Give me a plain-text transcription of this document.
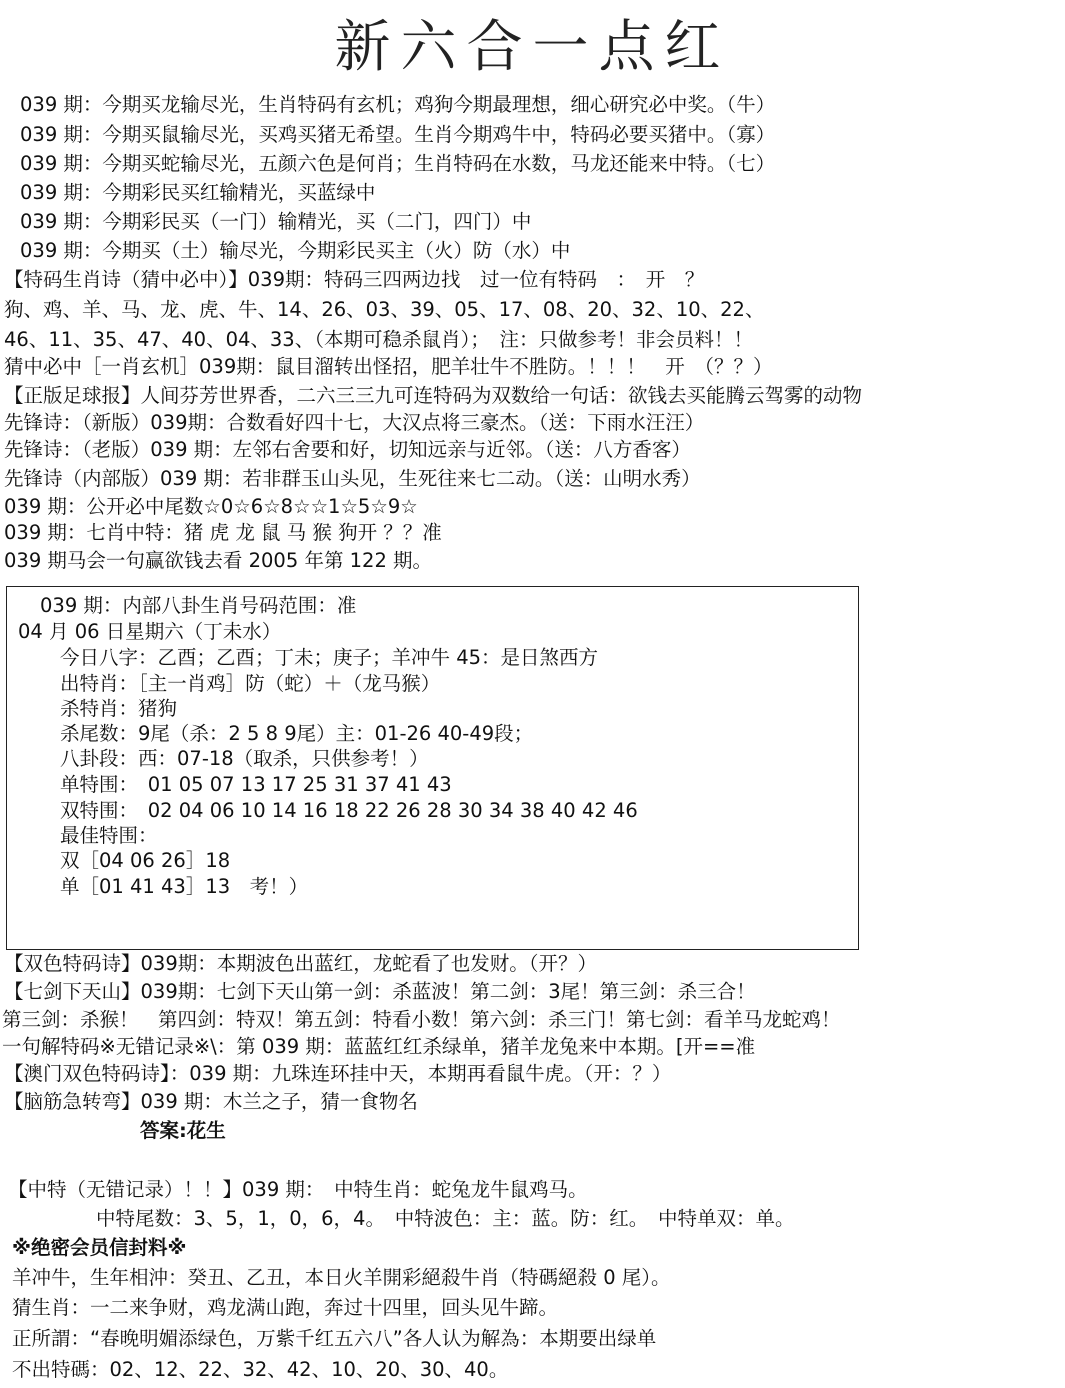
新六合一点红
039 期：今期买龙输尽光，生肖特码有玄机；鸡狗今期最理想，细心研究必中奖。（牛）
039 期：今期买鼠输尽光，买鸡买猪无希望。生肖今期鸡牛中，特码必要买猪中。（寡）
039 期：今期买蛇输尽光，五颜六色是何肖；生肖特码在水数，马龙还能来中特。（七）
039 期：今期彩民买红输精光，买蓝绿中
039 期：今期彩民买（一门）输精光，买（二门，四门）中
039 期：今期买（土）输尽光，今期彩民买主（火）防（水）中
【特码生肖诗（猜中必中）】039期：特码三四两边找　过一位有特码　：　开　？
狗、鸡、羊、马、龙、虎、牛、14、26、03、39、05、17、08、20、32、10、22、
46、11、35、47、40、04、33、（本期可稳杀鼠肖）；　注：只做参考！非会员料！！
猜中必中［一肖玄机］039期：鼠目溜转出怪招，肥羊壮牛不胜防。！！！　开　（？？）
【正版足球报】人间芬芳世界香，二六三三九可连特码为双数给一句话：欲钱去买能腾云驾雾的动物
先锋诗：（新版）039期：合数看好四十七，大汉点将三豪杰。（送：下雨水汪汪）
先锋诗：（老版）039 期：左邻右舍要和好，切知远亲与近邻。（送：八方香客）
先锋诗（内部版）039 期：若非群玉山头见，生死往来七二动。（送：山明水秀）
039 期：公开必中尾数☆0☆6☆8☆☆1☆5☆9☆
039 期：七肖中特：猪 虎 龙 鼠 马 猴 狗开 ？？准
039 期马会一句赢欲钱去看 2005 年第 122 期。
039 期：内部八卦生肖号码范围：准
04 月 06 日星期六（丁未水）
今日八字：乙酉；乙酉；丁未；庚子；羊冲牛 45：是日煞西方
出特肖：［主一肖鸡］防（蛇）＋（龙马猴）
杀特肖：猪狗
杀尾数：9尾（杀：2 5 8 9尾）主：01-26 40-49段；
八卦段：西：07-18（取杀，只供参考！）
单特围：　01 05 07 13 17 25 31 37 41 43
双特围：　02 04 06 10 14 16 18 22 26 28 30 34 38 40 42 46
最佳特围：
双［04 06 26］18
单［01 41 43］13　考！）
【双色特码诗】039期：本期波色出蓝红，龙蛇看了也发财。（开？）
【七剑下天山】039期：七剑下天山第一剑：杀蓝波！第二剑：3尾！第三剑：杀三合！
第三剑：杀猴！　第四剑：特双！第五剑：特看小数！第六剑：杀三门！第七剑：看羊马龙蛇鸡！
一句解特码※无错记录※\：第 039 期：蓝蓝红红杀绿单，猪羊龙兔来中本期。[开==准
【澳门双色特码诗】：039 期：九珠连环挂中天，本期再看鼠牛虎。（开：？）
【脑筋急转弯】039 期：木兰之子，猜一食物名
答案:花生
【中特（无错记录）！！】039 期：　中特生肖：蛇兔龙牛鼠鸡马。
中特尾数：3、5，1，0，6，4。　中特波色：主：蓝。防：红。　中特单双：单。
※绝密会员信封料※
羊冲牛，生年相沖：癸丑、乙丑，本日火羊開彩絕殺牛肖（特碼絕殺 0 尾）。
猜生肖：一二来争财，鸡龙满山跑，奔过十四里，回头见牛蹄。
正所謂：“春晚明媚添绿色，万紫千红五六八”各人认为解為：本期要出绿单
不出特碼：02、12、22、32、42、10、20、30、40。
